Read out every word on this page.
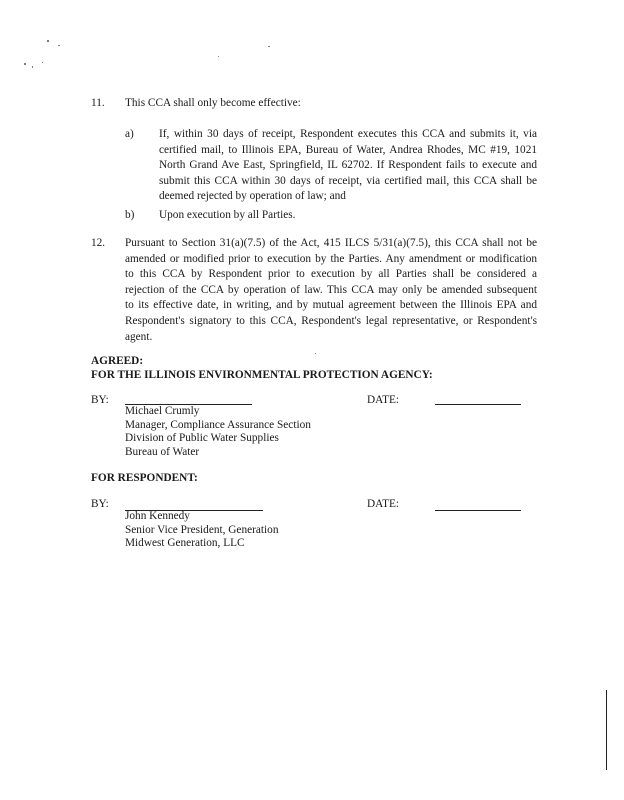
11.	This CCA shall only become effective:
a) If, within 30 days of receipt, Respondent executes this CCA and submits it, via
certified mail, to Illinois EPA, Bureau of Water, Andrea Rhodes, MC #19, 1021
North Grand Ave East, Springfield, IL 62702. If Respondent fails to execute and
submit this CCA within 30 days of receipt, via certified mail, this CCA shall be
deemed rejected by operation of law; and
b) Upon execution by all Parties.
12.	Pursuant to Section 31(a)(7.5) of the Act, 415 ILCS 5/31(a)(7.5), this CCA shall not be
amended or modified prior to execution by the Parties. Any amendment or modification
to this CCA by Respondent prior to execution by all Parties shall be considered a
rejection of the CCA by operation of law. This CCA may only be amended subsequent
to its effective date, in writing, and by mutual agreement between the Illinois EPA and
Respondent's signatory to this CCA, Respondent's legal representative, or Respondent's
agent.
AGREED:
FOR THE ILLINOIS ENVIRONMENTAL PROTECTION AGENCY:
BY:	DATE:
Michael Crumly
Manager, Compliance Assurance Section
Division of Public Water Supplies
Bureau of Water
FOR RESPONDENT:
BY:	DATE:
John Kennedy
Senior Vice President, Generation
Midwest Generation, LLC
